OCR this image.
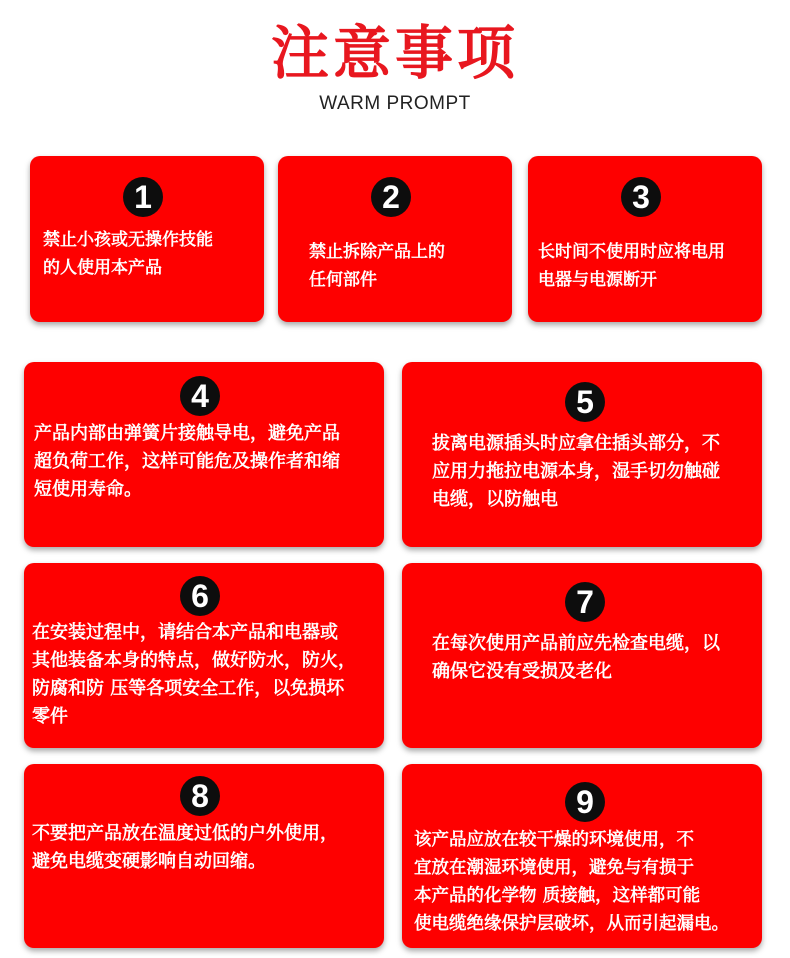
注意事项
WARM PROMPT
1
禁止小孩或无操作技能
的人使用本产品
2
禁止拆除产品上的
任何部件
3
长时间不使用时应将电用
电器与电源断开
4
产品内部由弹簧片接触导电，避免产品
超负荷工作，这样可能危及操作者和缩
短使用寿命。
5
拔离电源插头时应拿住插头部分，不
应用力拖拉电源本身，湿手切勿触碰
电缆，以防触电
6
在安装过程中，请结合本产品和电器或
其他装备本身的特点，做好防水，防火，
防腐和防 压等各项安全工作，以免损坏
零件
7
在每次使用产品前应先检查电缆，以
确保它没有受损及老化
8
不要把产品放在温度过低的户外使用，
避免电缆变硬影响自动回缩。
9
该产品应放在较干燥的环境使用，不
宜放在潮湿环境使用，避免与有损于
本产品的化学物 质接触，这样都可能
使电缆绝缘保护层破坏，从而引起漏电。
